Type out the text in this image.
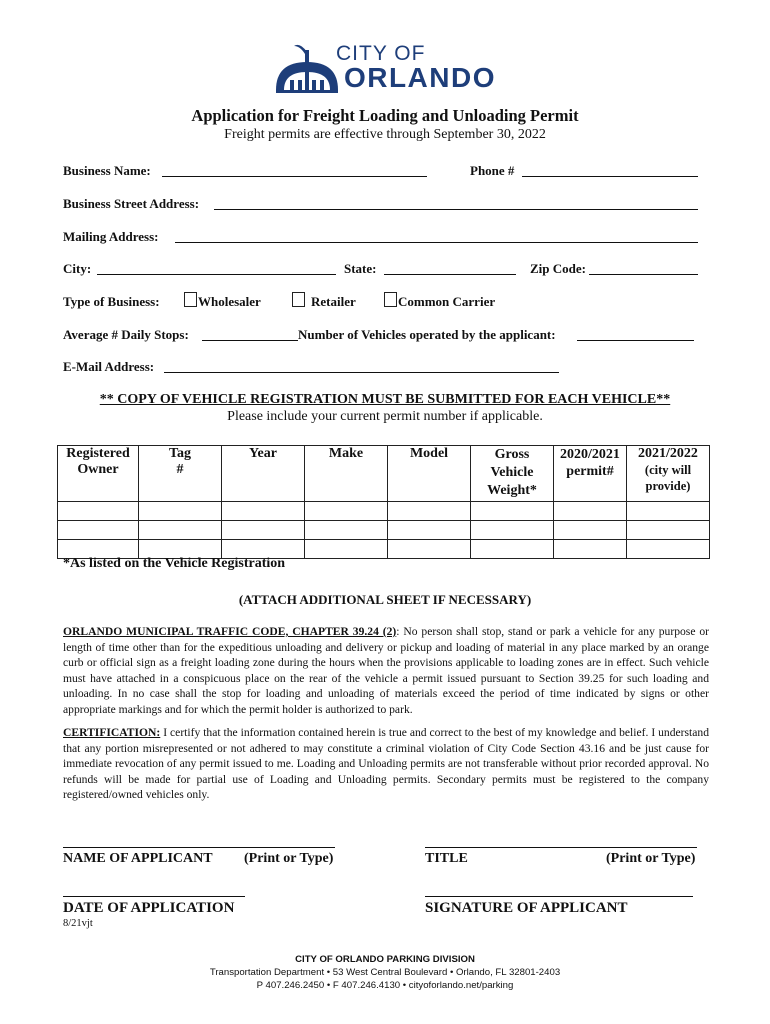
CITY OF
ORLANDO
Application for Freight Loading and Unloading Permit
Freight permits are effective through September 30, 2022
Business Name:	Phone #
Business Street Address:
Mailing Address:
City:	State:	Zip Code:
Type of Business:	Wholesaler	Retailer	Common Carrier
Average # Daily Stops:	Number of Vehicles operated by the applicant:
E-Mail Address:
** COPY OF VEHICLE REGISTRATION MUST BE SUBMITTED FOR EACH VEHICLE**
Please include your current permit number if applicable.
Registered Owner	Tag #	Year	Make	Model	Gross Vehicle Weight*	2020/2021 permit#	2021/2022
(city will provide)

*As listed on the Vehicle Registration
(ATTACH ADDITIONAL SHEET IF NECESSARY)
ORLANDO MUNICIPAL TRAFFIC CODE, CHAPTER 39.24 (2): No person shall stop, stand or park a vehicle for any purpose or length of time other than for the expeditious unloading and delivery or pickup and loading of material in any place marked by an orange curb or official sign as a freight loading zone during the hours when the provisions applicable to loading zones are in effect. Such vehicle must have attached in a conspicuous place on the rear of the vehicle a permit issued pursuant to Section 39.25 for such loading and unloading. In no case shall the stop for loading and unloading of materials exceed the period of time indicated by signs or other appropriate markings and for which the permit holder is authorized to park.
CERTIFICATION: I certify that the information contained herein is true and correct to the best of my knowledge and belief. I understand that any portion misrepresented or not adhered to may constitute a criminal violation of City Code Section 43.16 and be just cause for immediate revocation of any permit issued to me. Loading and Unloading permits are not transferable without prior recorded approval. No refunds will be made for partial use of Loading and Unloading permits. Secondary permits must be registered to the company registered/owned vehicles only.
NAME OF APPLICANT (Print or Type)	TITLE	(Print or Type)
DATE OF APPLICATION	SIGNATURE OF APPLICANT
8/21vjt
CITY OF ORLANDO PARKING DIVISION
Transportation Department • 53 West Central Boulevard • Orlando, FL 32801-2403
P 407.246.2450 • F 407.246.4130 • cityoforlando.net/parking
